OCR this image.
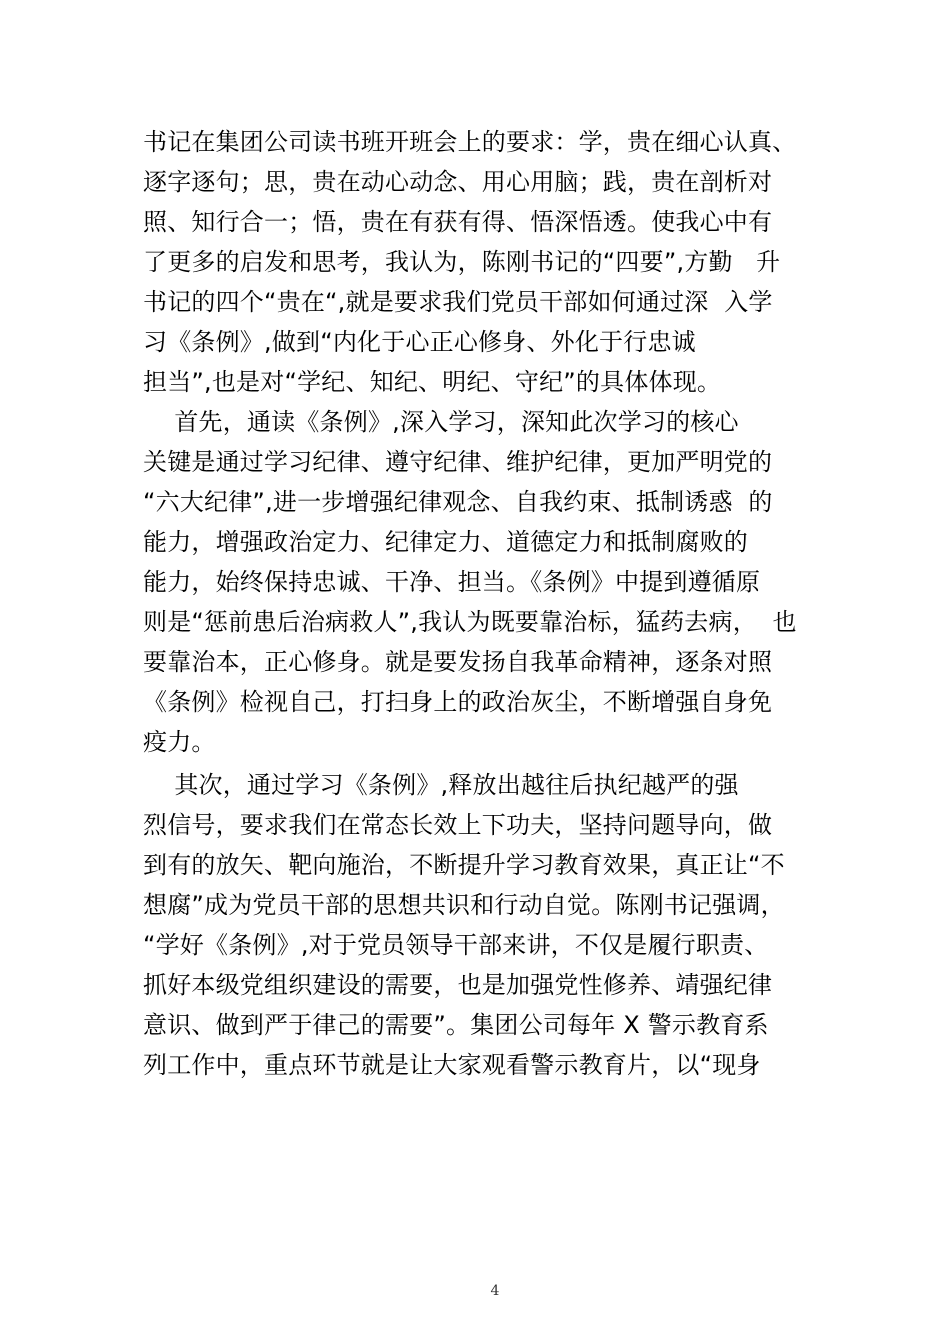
书记在集团公司读书班开班会上的要求：学，贵在细心认真、
逐字逐句；思，贵在动心动念、用心用脑；践，贵在剖析对
照、知行合一；悟，贵在有获有得、悟深悟透。使我心中有
了更多的启发和思考，我认为，陈刚书记的“四要”,方勤   升
书记的四个“贵在“,就是要求我们党员干部如何通过深  入学
习《条例》,做到“内化于心正心修身、外化于行忠诚
担当”,也是对“学纪、知纪、明纪、守纪”的具体体现。
首先，通读《条例》,深入学习，深知此次学习的核心
关键是通过学习纪律、遵守纪律、维护纪律，更加严明党的
“六大纪律”,进一步增强纪律观念、自我约束、抵制诱惑  的
能力，增强政治定力、纪律定力、道德定力和抵制腐败的
能力，始终保持忠诚、干净、担当。《条例》中提到遵循原
则是“惩前患后治病救人”,我认为既要靠治标，猛药去病，  也
要靠治本，正心修身。就是要发扬自我革命精神，逐条对照
《条例》检视自己，打扫身上的政治灰尘，不断增强自身免
疫力。
其次，通过学习《条例》,释放出越往后执纪越严的强
烈信号，要求我们在常态长效上下功夫，坚持问题导向，做
到有的放矢、靶向施治，不断提升学习教育效果，真正让“不
想腐”成为党员干部的思想共识和行动自觉。陈刚书记强调，
“学好《条例》,对于党员领导干部来讲，不仅是履行职责、
抓好本级党组织建设的需要，也是加强党性修养、靖强纪律
意识、做到严于律己的需要”。集团公司每年 X 警示教育系
列工作中，重点环节就是让大家观看警示教育片，以“现身
4
